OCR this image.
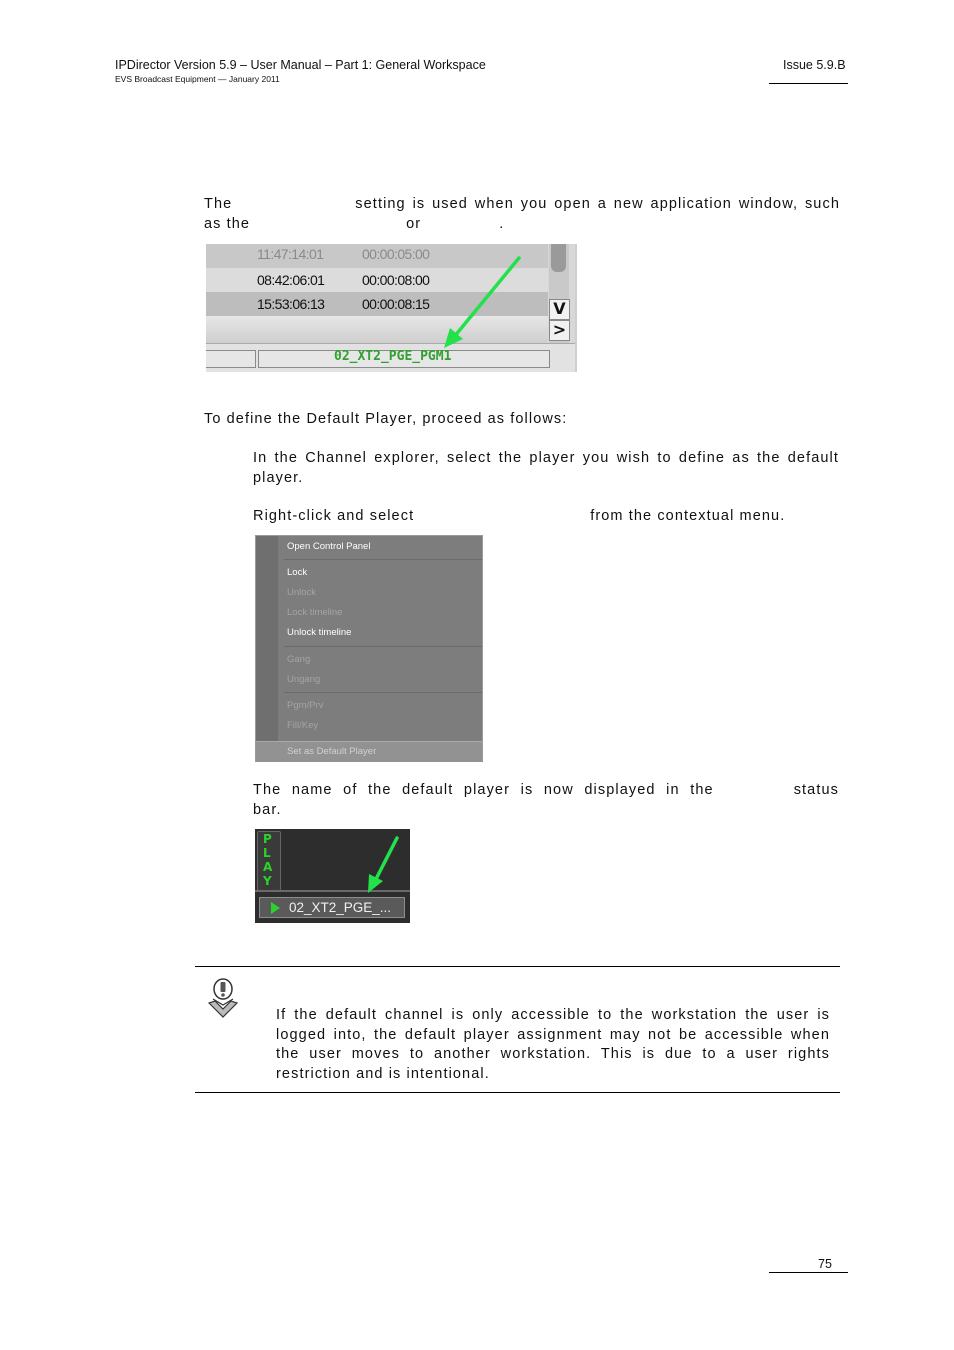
IPDirector Version 5.9 – User Manual – Part 1: General Workspace
EVS Broadcast Equipment — January 2011
Issue 5.9.B
The	setting is used when you open a new application window, such
as the	or	.
11:47:14:01	00:00:05:00
08:42:06:01	00:00:08:00
15:53:06:13	00:00:08:15	V
>
02_XT2_PGE_PGM1
To define the Default Player, proceed as follows:
In the Channel explorer, select the player you wish to define as the default
player.
Right-click and select	from the contextual menu.
Open Control Panel
Lock
Unlock
Lock timeline
Unlock timeline
Gang
Ungang
Pgm/Prv
Fill/Key
Set as Default Player
The name of the default player is now displayed in the	status
bar.
P
L
A
Y
02_XT2_PGE_...
If the default channel is only accessible to the workstation the user is
logged into, the default player assignment may not be accessible when
the user moves to another workstation. This is due to a user rights
restriction and is intentional.
75
